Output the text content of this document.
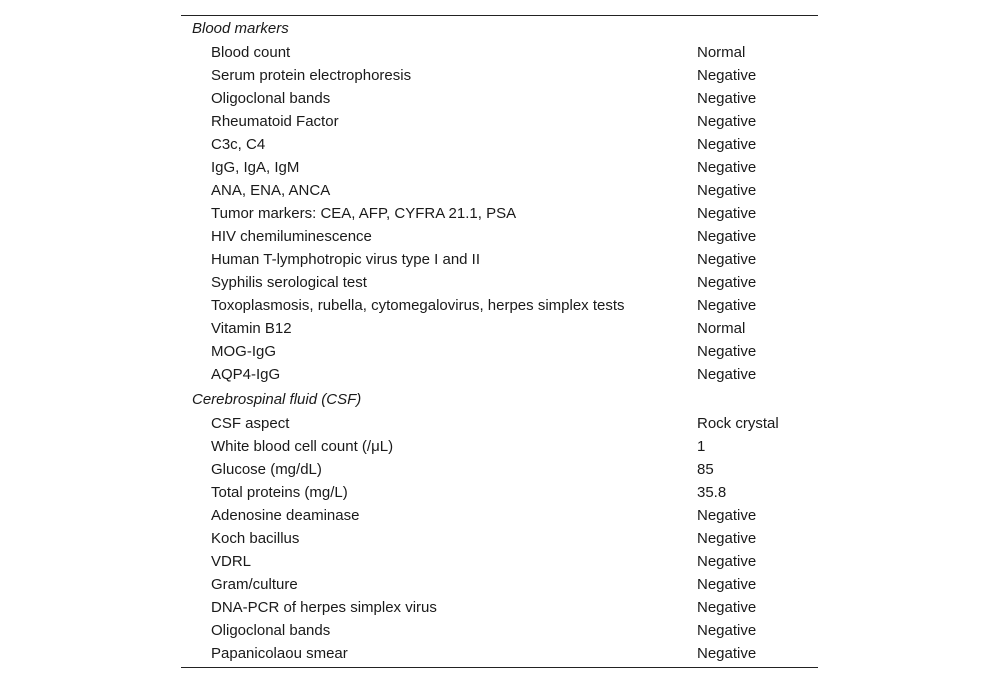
Blood markers
Blood count	Normal
Serum protein electrophoresis	Negative
Oligoclonal bands	Negative
Rheumatoid Factor	Negative
C3c, C4	Negative
IgG, IgA, IgM	Negative
ANA, ENA, ANCA	Negative
Tumor markers: CEA, AFP, CYFRA 21.1, PSA	Negative
HIV chemiluminescence	Negative
Human T-lymphotropic virus type I and II	Negative
Syphilis serological test	Negative
Toxoplasmosis, rubella, cytomegalovirus, herpes simplex tests	Negative
Vitamin B12	Normal
MOG-IgG	Negative
AQP4-IgG	Negative
Cerebrospinal fluid (CSF)
CSF aspect	Rock crystal
White blood cell count (/μL)	1
Glucose (mg/dL)	85
Total proteins (mg/L)	35.8
Adenosine deaminase	Negative
Koch bacillus	Negative
VDRL	Negative
Gram/culture	Negative
DNA-PCR of herpes simplex virus	Negative
Oligoclonal bands	Negative
Papanicolaou smear	Negative
